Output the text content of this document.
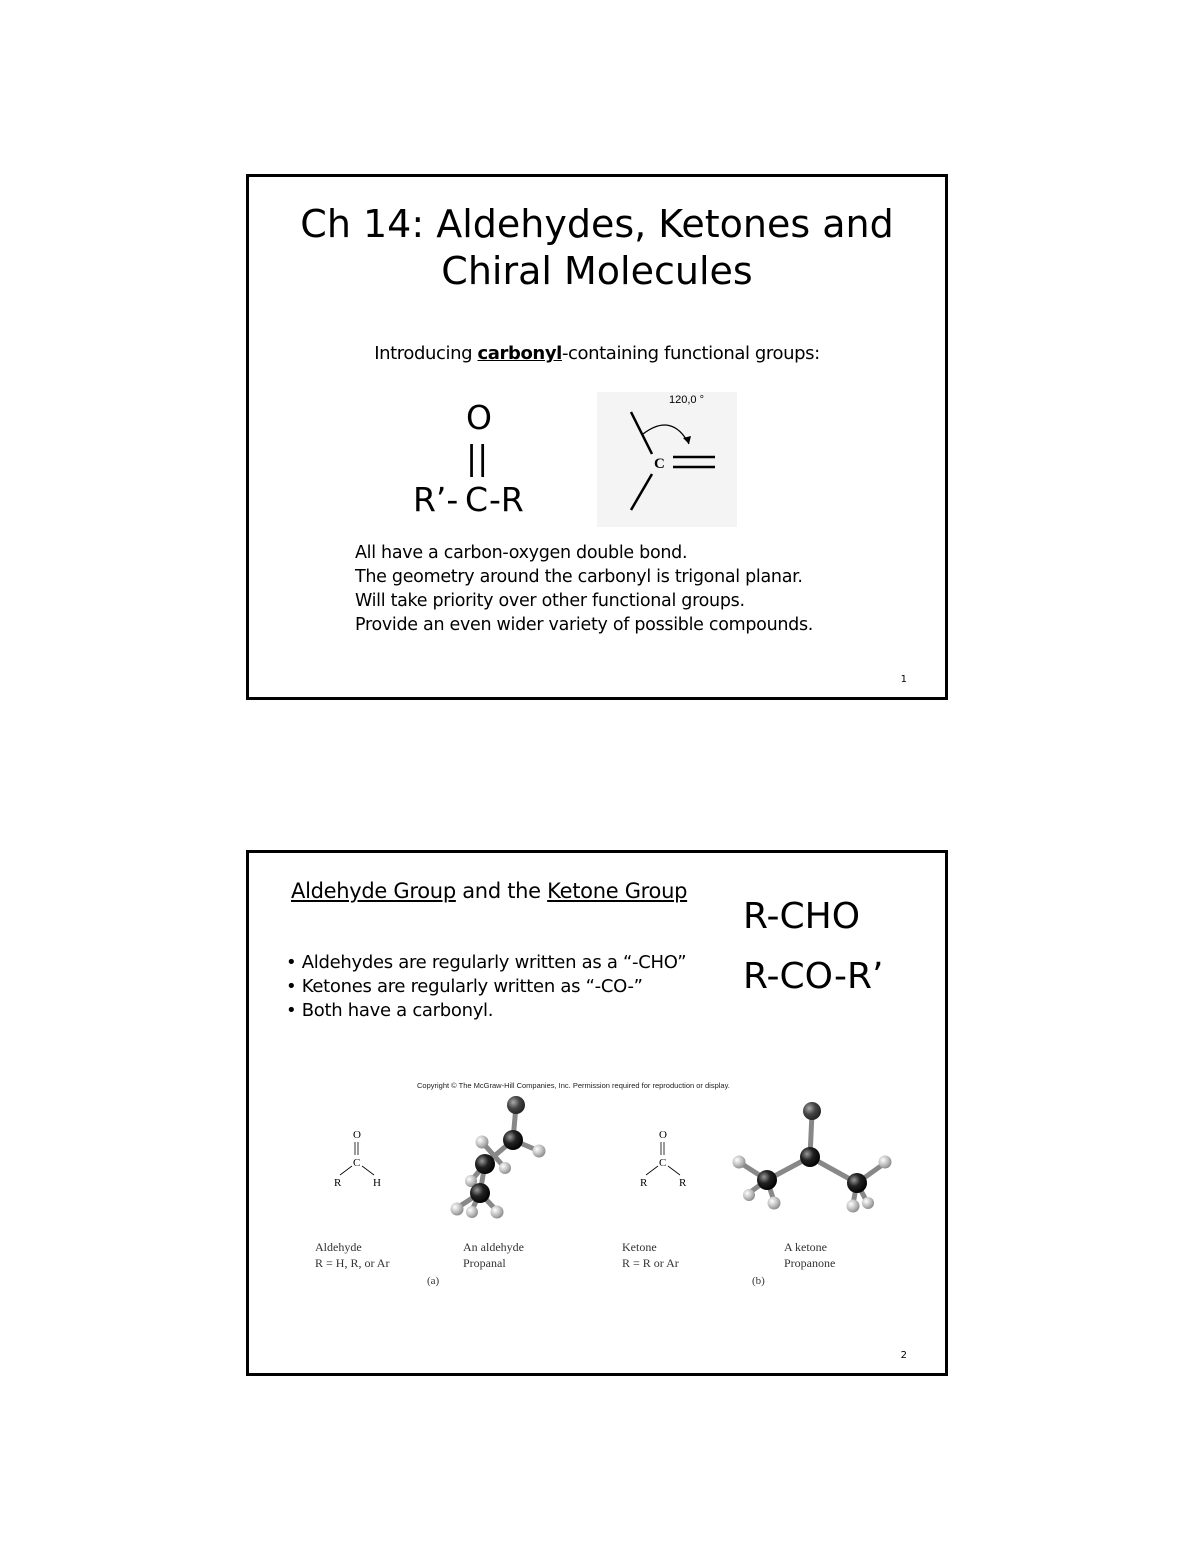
Ch 14: Aldehydes, Ketones and
Chiral Molecules
Introducing carbonyl-containing functional groups:
O
||
R’- C -R
120,0 °
C
All have a carbon-oxygen double bond.
The geometry around the carbonyl is trigonal planar.
Will take priority over other functional groups.
Provide an even wider variety of possible compounds.
1
Aldehyde Group and the Ketone Group
R-CHO
R-CO-R’
• Aldehydes are regularly written as a “-CHO”
• Ketones are regularly written as “-CO-”
• Both have a carbonyl.
Copyright © The McGraw-Hill Companies, Inc. Permission required for reproduction or display.
O
C
R	H
O
C
R	R
Aldehyde
R = H, R, or Ar
An aldehyde
Propanal
(a)
Ketone
R = R or Ar
A ketone
Propanone
(b)
2
